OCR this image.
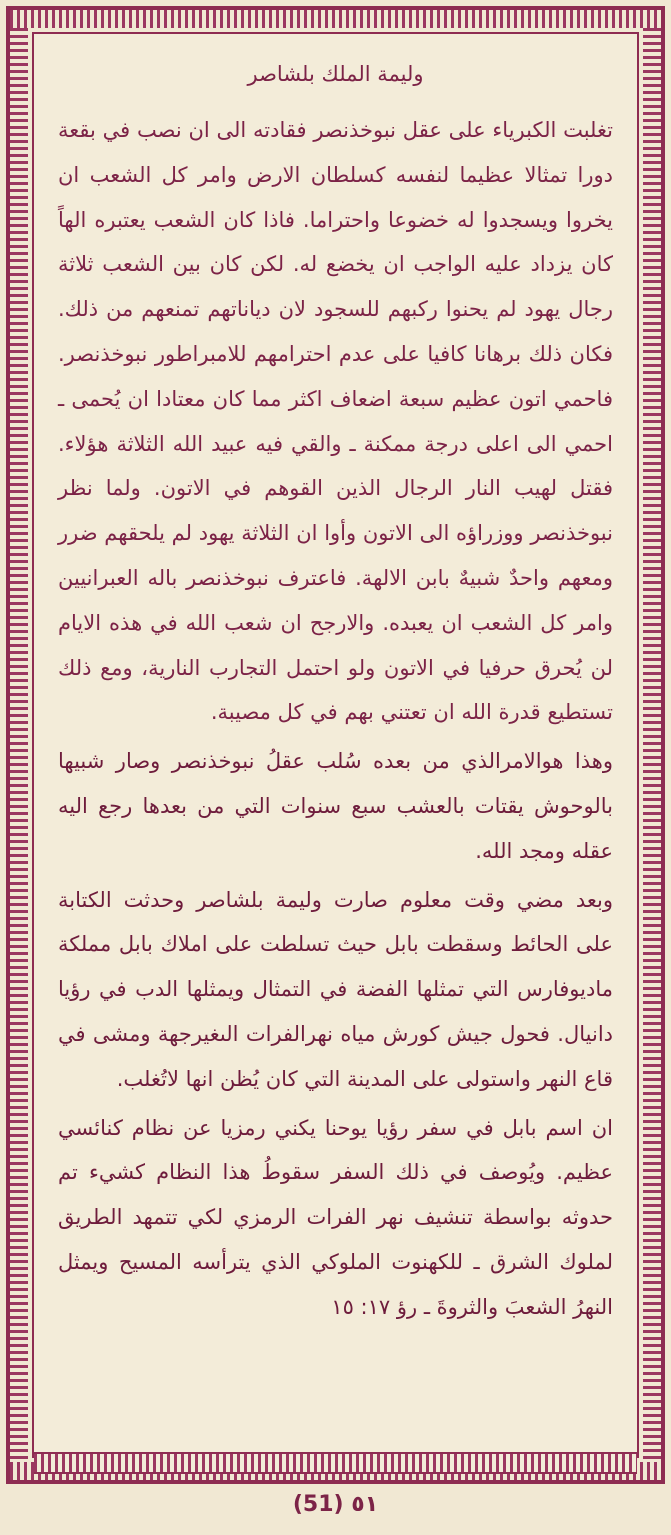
وليمة الملك بلشاصر

تغلبت الكبرياء على عقل نبوخذنصر فقادته الى ان نصب في بقعة دورا تمثالا عظيما لنفسه كسلطان الارض وامر كل الشعب ان يخروا ويسجدوا له خضوعا واحتراما. فاذا كان الشعب يعتبره الهاً كان يزداد عليه الواجب ان يخضع له. لكن كان بين الشعب ثلاثة رجال يهود لم يحنوا ركبهم للسجود لان دياناتهم تمنعهم من ذلك. فكان ذلك برهانا كافيا على عدم احترامهم للامبراطور نبوخذنصر. فاحمي اتون عظيم سبعة اضعاف اكثر مما كان معتادا ان يُحمى ـ احمي الى اعلى درجة ممكنة ـ والقي فيه عبيد الله الثلاثة هؤلاء. فقتل لهيب النار الرجال الذين القوهم في الاتون. ولما نظر نبوخذنصر ووزراؤه الى الاتون وأوا ان الثلاثة يهود لم يلحقهم ضرر ومعهم واحدٌ شبيهٌ بابن الالهة. فاعترف نبوخذنصر باله العبرانيين وامر كل الشعب ان يعبده. والارجح ان شعب الله في هذه الايام لن يُحرق حرفيا في الاتون ولو احتمل التجارب النارية، ومع ذلك تستطيع قدرة الله ان تعتني بهم في كل مصيبة.

وهذا هوالامرالذي من بعده سُلب عقلُ نبوخذنصر وصار شبيها بالوحوش يقتات بالعشب سبع سنوات التي من بعدها رجع اليه عقله ومجد الله.

وبعد مضي وقت معلوم صارت وليمة بلشاصر وحدثت الكتابة على الحائط وسقطت بابل حيث تسلطت على املاك بابل مملكة ماديوفارس التي تمثلها الفضة في التمثال ويمثلها الدب في رؤيا دانيال. فحول جيش كورش مياه نهرالفرات الىغيرجهة ومشى في قاع النهر واستولى على المدينة التي كان يُظن انها لاتُغلب.

ان اسم بابل في سفر رؤيا يوحنا يكني رمزيا عن نظام كنائسي عظيم. ويُوصف في ذلك السفر سقوطُ هذا النظام كشيء تم حدوثه بواسطة تنشيف نهر الفرات الرمزي لكي تتمهد الطريق لملوك الشرق ـ للكهنوت الملوكي الذي يترأسه المسيح ويمثل النهرُ الشعبَ والثروةَ ـ رؤ ١٧: ١٥

(51) ٥١
